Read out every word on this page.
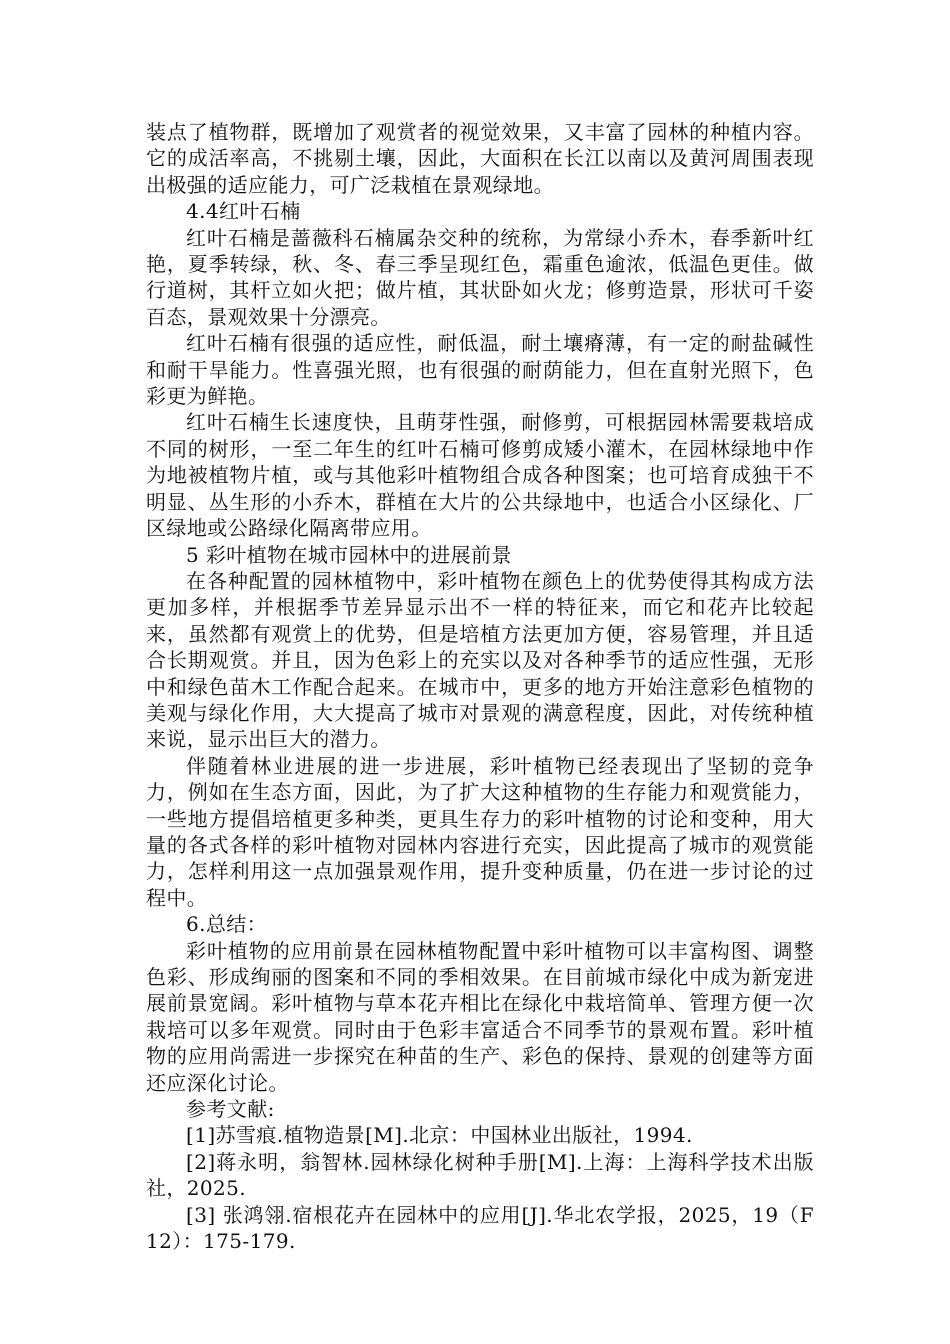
装点了植物群，既增加了观赏者的视觉效果，又丰富了园林的种植内容。它的成活率高，不挑剔土壤，因此，大面积在长江以南以及黄河周围表现出极强的适应能力，可广泛栽植在景观绿地。

4.4红叶石楠

红叶石楠是蔷薇科石楠属杂交种的统称，为常绿小乔木，春季新叶红艳，夏季转绿，秋、冬、春三季呈现红色，霜重色逾浓，低温色更佳。做行道树，其杆立如火把；做片植，其状卧如火龙；修剪造景，形状可千姿百态，景观效果十分漂亮。

红叶石楠有很强的适应性，耐低温，耐土壤瘠薄，有一定的耐盐碱性和耐干旱能力。性喜强光照，也有很强的耐荫能力，但在直射光照下，色彩更为鲜艳。

红叶石楠生长速度快，且萌芽性强，耐修剪，可根据园林需要栽培成不同的树形，一至二年生的红叶石楠可修剪成矮小灌木，在园林绿地中作为地被植物片植，或与其他彩叶植物组合成各种图案；也可培育成独干不明显、丛生形的小乔木，群植在大片的公共绿地中，也适合小区绿化、厂区绿地或公路绿化隔离带应用。

5 彩叶植物在城市园林中的进展前景

在各种配置的园林植物中，彩叶植物在颜色上的优势使得其构成方法更加多样，并根据季节差异显示出不一样的特征来，而它和花卉比较起来，虽然都有观赏上的优势，但是培植方法更加方便，容易管理，并且适合长期观赏。并且，因为色彩上的充实以及对各种季节的适应性强，无形中和绿色苗木工作配合起来。在城市中，更多的地方开始注意彩色植物的美观与绿化作用，大大提高了城市对景观的满意程度，因此，对传统种植来说，显示出巨大的潜力。

伴随着林业进展的进一步进展，彩叶植物已经表现出了坚韧的竞争力，例如在生态方面，因此，为了扩大这种植物的生存能力和观赏能力，一些地方提倡培植更多种类，更具生存力的彩叶植物的讨论和变种，用大量的各式各样的彩叶植物对园林内容进行充实，因此提高了城市的观赏能力，怎样利用这一点加强景观作用，提升变种质量，仍在进一步讨论的过程中。

6.总结：

彩叶植物的应用前景在园林植物配置中彩叶植物可以丰富构图、调整色彩、形成绚丽的图案和不同的季相效果。在目前城市绿化中成为新宠进展前景宽阔。彩叶植物与草本花卉相比在绿化中栽培简单、管理方便一次栽培可以多年观赏。同时由于色彩丰富适合不同季节的景观布置。彩叶植物的应用尚需进一步探究在种苗的生产、彩色的保持、景观的创建等方面还应深化讨论。

参考文献:

[1]苏雪痕.植物造景[M].北京：中国林业出版社，1994.

[2]蒋永明，翁智林.园林绿化树种手册[M].上海：上海科学技术出版社，2025.

[3] 张鸿翎.宿根花卉在园林中的应用[J].华北农学报，2025，19（F12）：175-179.
